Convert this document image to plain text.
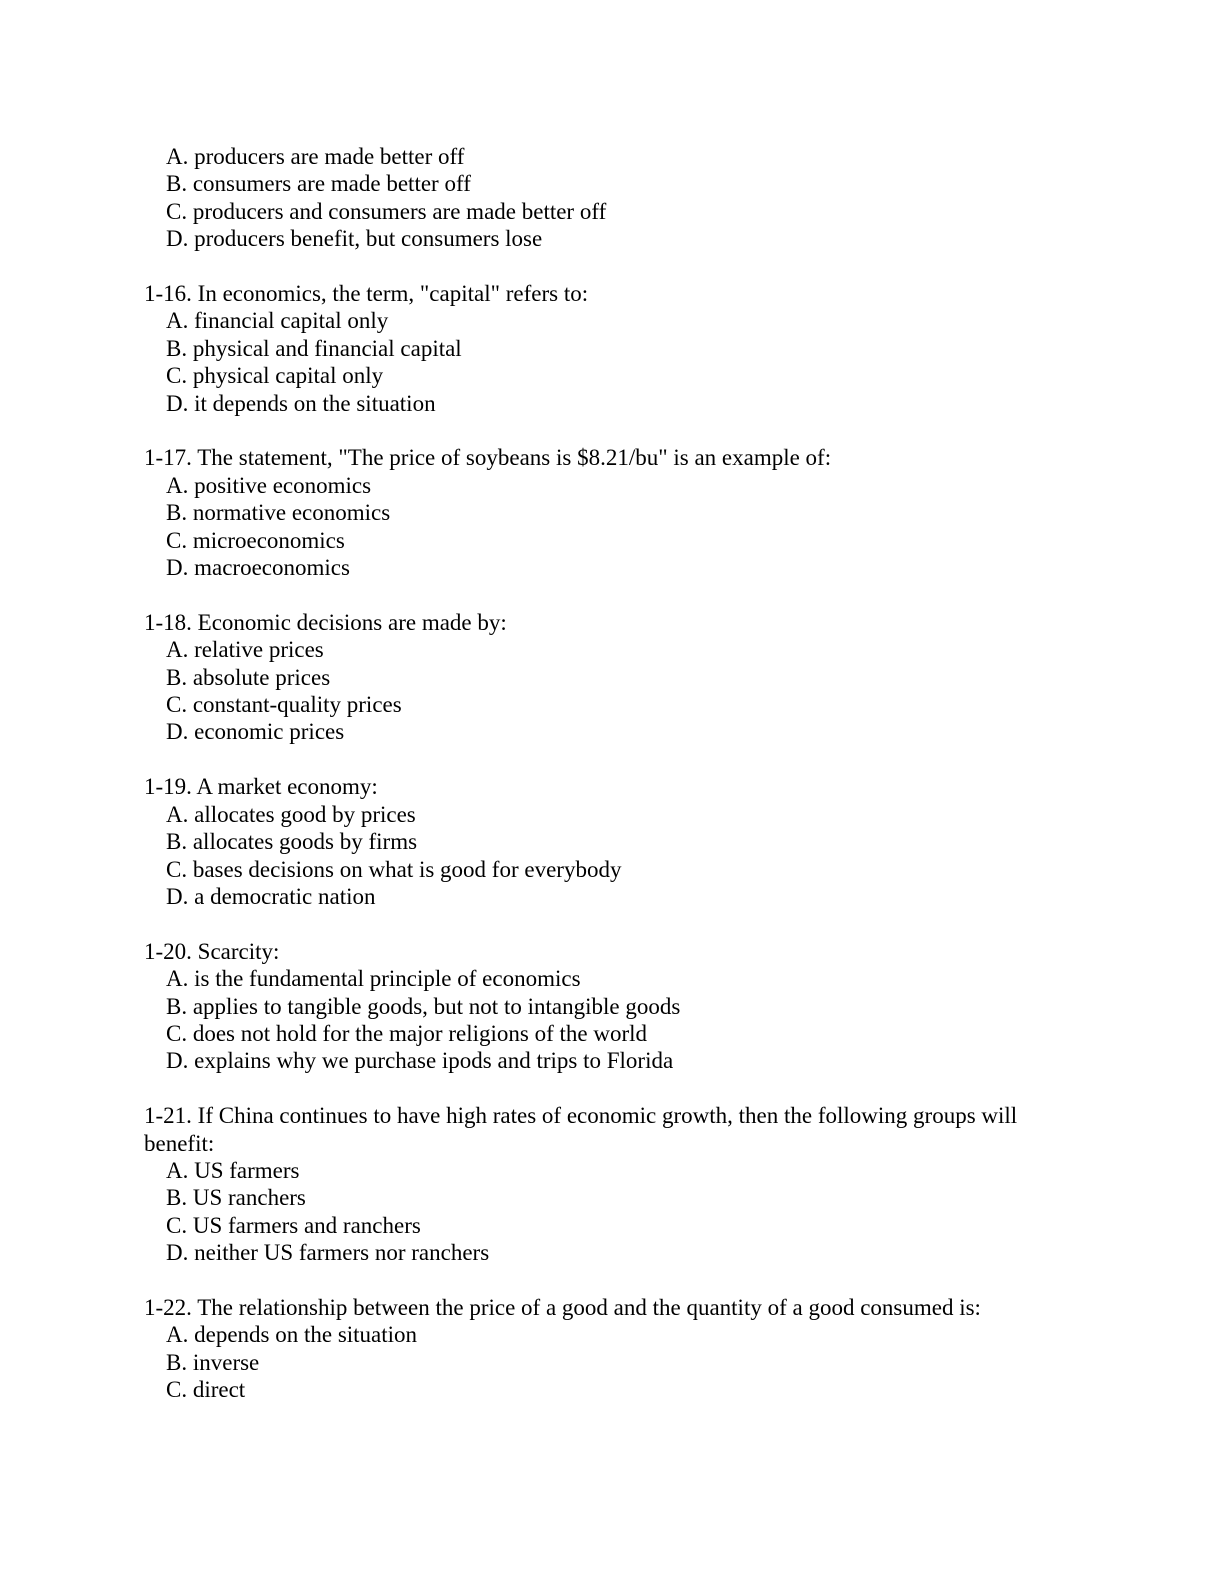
A. producers are made better off
B. consumers are made better off
C. producers and consumers are made better off
D. producers benefit, but consumers lose

1-16. In economics, the term, "capital" refers to:

A. financial capital only
B. physical and financial capital
C. physical capital only
D. it depends on the situation

1-17. The statement, "The price of soybeans is $8.21/bu" is an example of:

A. positive economics
B. normative economics
C. microeconomics
D. macroeconomics

1-18. Economic decisions are made by:

A. relative prices
B. absolute prices
C. constant-quality prices
D. economic prices

1-19. A market economy:

A. allocates good by prices
B. allocates goods by firms
C. bases decisions on what is good for everybody
D. a democratic nation

1-20. Scarcity:

A. is the fundamental principle of economics
B. applies to tangible goods, but not to intangible goods
C. does not hold for the major religions of the world
D. explains why we purchase ipods and trips to Florida

1-21. If China continues to have high rates of economic growth, then the following groups will benefit:

A. US farmers
B. US ranchers
C. US farmers and ranchers
D. neither US farmers nor ranchers

1-22. The relationship between the price of a good and the quantity of a good consumed is:

A. depends on the situation
B. inverse
C. direct
